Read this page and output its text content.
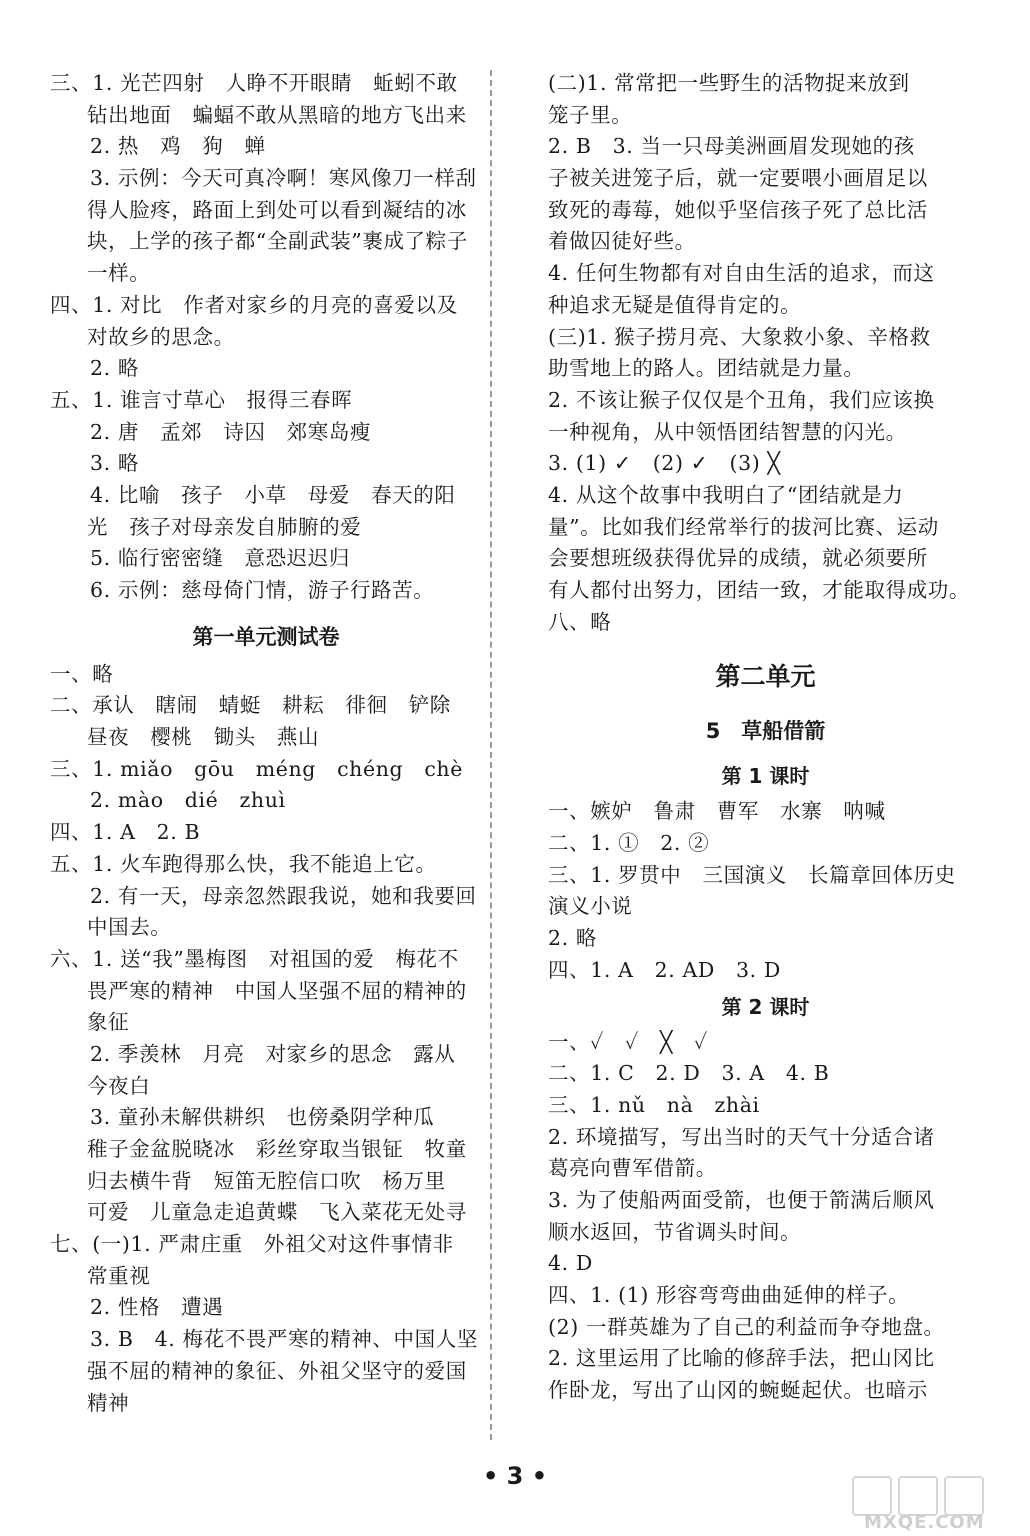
三、1. 光芒四射　人睁不开眼睛　蚯蚓不敢
钻出地面　蝙蝠不敢从黑暗的地方飞出来
2. 热　鸡　狗　蝉
3. 示例：今天可真冷啊！寒风像刀一样刮
得人脸疼，路面上到处可以看到凝结的冰
块，上学的孩子都“全副武装”裹成了粽子
一样。
四、1. 对比　作者对家乡的月亮的喜爱以及
对故乡的思念。
2. 略
五、1. 谁言寸草心　报得三春晖
2. 唐　孟郊　诗囚　郊寒岛瘦
3. 略
4. 比喻　孩子　小草　母爱　春天的阳
光　孩子对母亲发自肺腑的爱
5. 临行密密缝　意恐迟迟归
6. 示例：慈母倚门情，游子行路苦。
第一单元测试卷
一、略
二、承认　瞎闹　蜻蜓　耕耘　徘徊　铲除
昼夜　樱桃　锄头　燕山
三、1. miǎo　gōu　méng　chéng　chè
2. mào　dié　zhuì
四、1. A　2. B
五、1. 火车跑得那么快，我不能追上它。
2. 有一天，母亲忽然跟我说，她和我要回
中国去。
六、1. 送“我”墨梅图　对祖国的爱　梅花不
畏严寒的精神　中国人坚强不屈的精神的
象征
2. 季羡林　月亮　对家乡的思念　露从
今夜白
3. 童孙未解供耕织　也傍桑阴学种瓜
稚子金盆脱晓冰　彩丝穿取当银钲　牧童
归去横牛背　短笛无腔信口吹　杨万里
可爱　儿童急走追黄蝶　飞入菜花无处寻
七、(一)1. 严肃庄重　外祖父对这件事情非
常重视
2. 性格　遭遇
3. B　4. 梅花不畏严寒的精神、中国人坚
强不屈的精神的象征、外祖父坚守的爱国
精神
(二)1. 常常把一些野生的活物捉来放到
笼子里。
2. B　3. 当一只母美洲画眉发现她的孩
子被关进笼子后，就一定要喂小画眉足以
致死的毒莓，她似乎坚信孩子死了总比活
着做囚徒好些。
4. 任何生物都有对自由生活的追求，而这
种追求无疑是值得肯定的。
(三)1. 猴子捞月亮、大象救小象、辛格救
助雪地上的路人。团结就是力量。
2. 不该让猴子仅仅是个丑角，我们应该换
一种视角，从中领悟团结智慧的闪光。
3. (1) ✓　(2) ✓　(3) ╳
4. 从这个故事中我明白了“团结就是力
量”。比如我们经常举行的拔河比赛、运动
会要想班级获得优异的成绩，就必须要所
有人都付出努力，团结一致，才能取得成功。
八、略
第二单元
5　草船借箭
第 1 课时
一、嫉妒　鲁肃　曹军　水寨　呐喊
二、1. ①　2. ②
三、1. 罗贯中　三国演义　长篇章回体历史
演义小说
2. 略
四、1. A　2. AD　3. D
第 2 课时
一、✓　✓　╳　✓
二、1. C　2. D　3. A　4. B
三、1. nǔ　nà　zhài
2. 环境描写，写出当时的天气十分适合诸
葛亮向曹军借箭。
3. 为了使船两面受箭，也便于箭满后顺风
顺水返回，节省调头时间。
4. D
四、1. (1) 形容弯弯曲曲延伸的样子。
(2) 一群英雄为了自己的利益而争夺地盘。
2. 这里运用了比喻的修辞手法，把山冈比
作卧龙，写出了山冈的蜿蜒起伏。也暗示
• 3 •
MXQE.COM
